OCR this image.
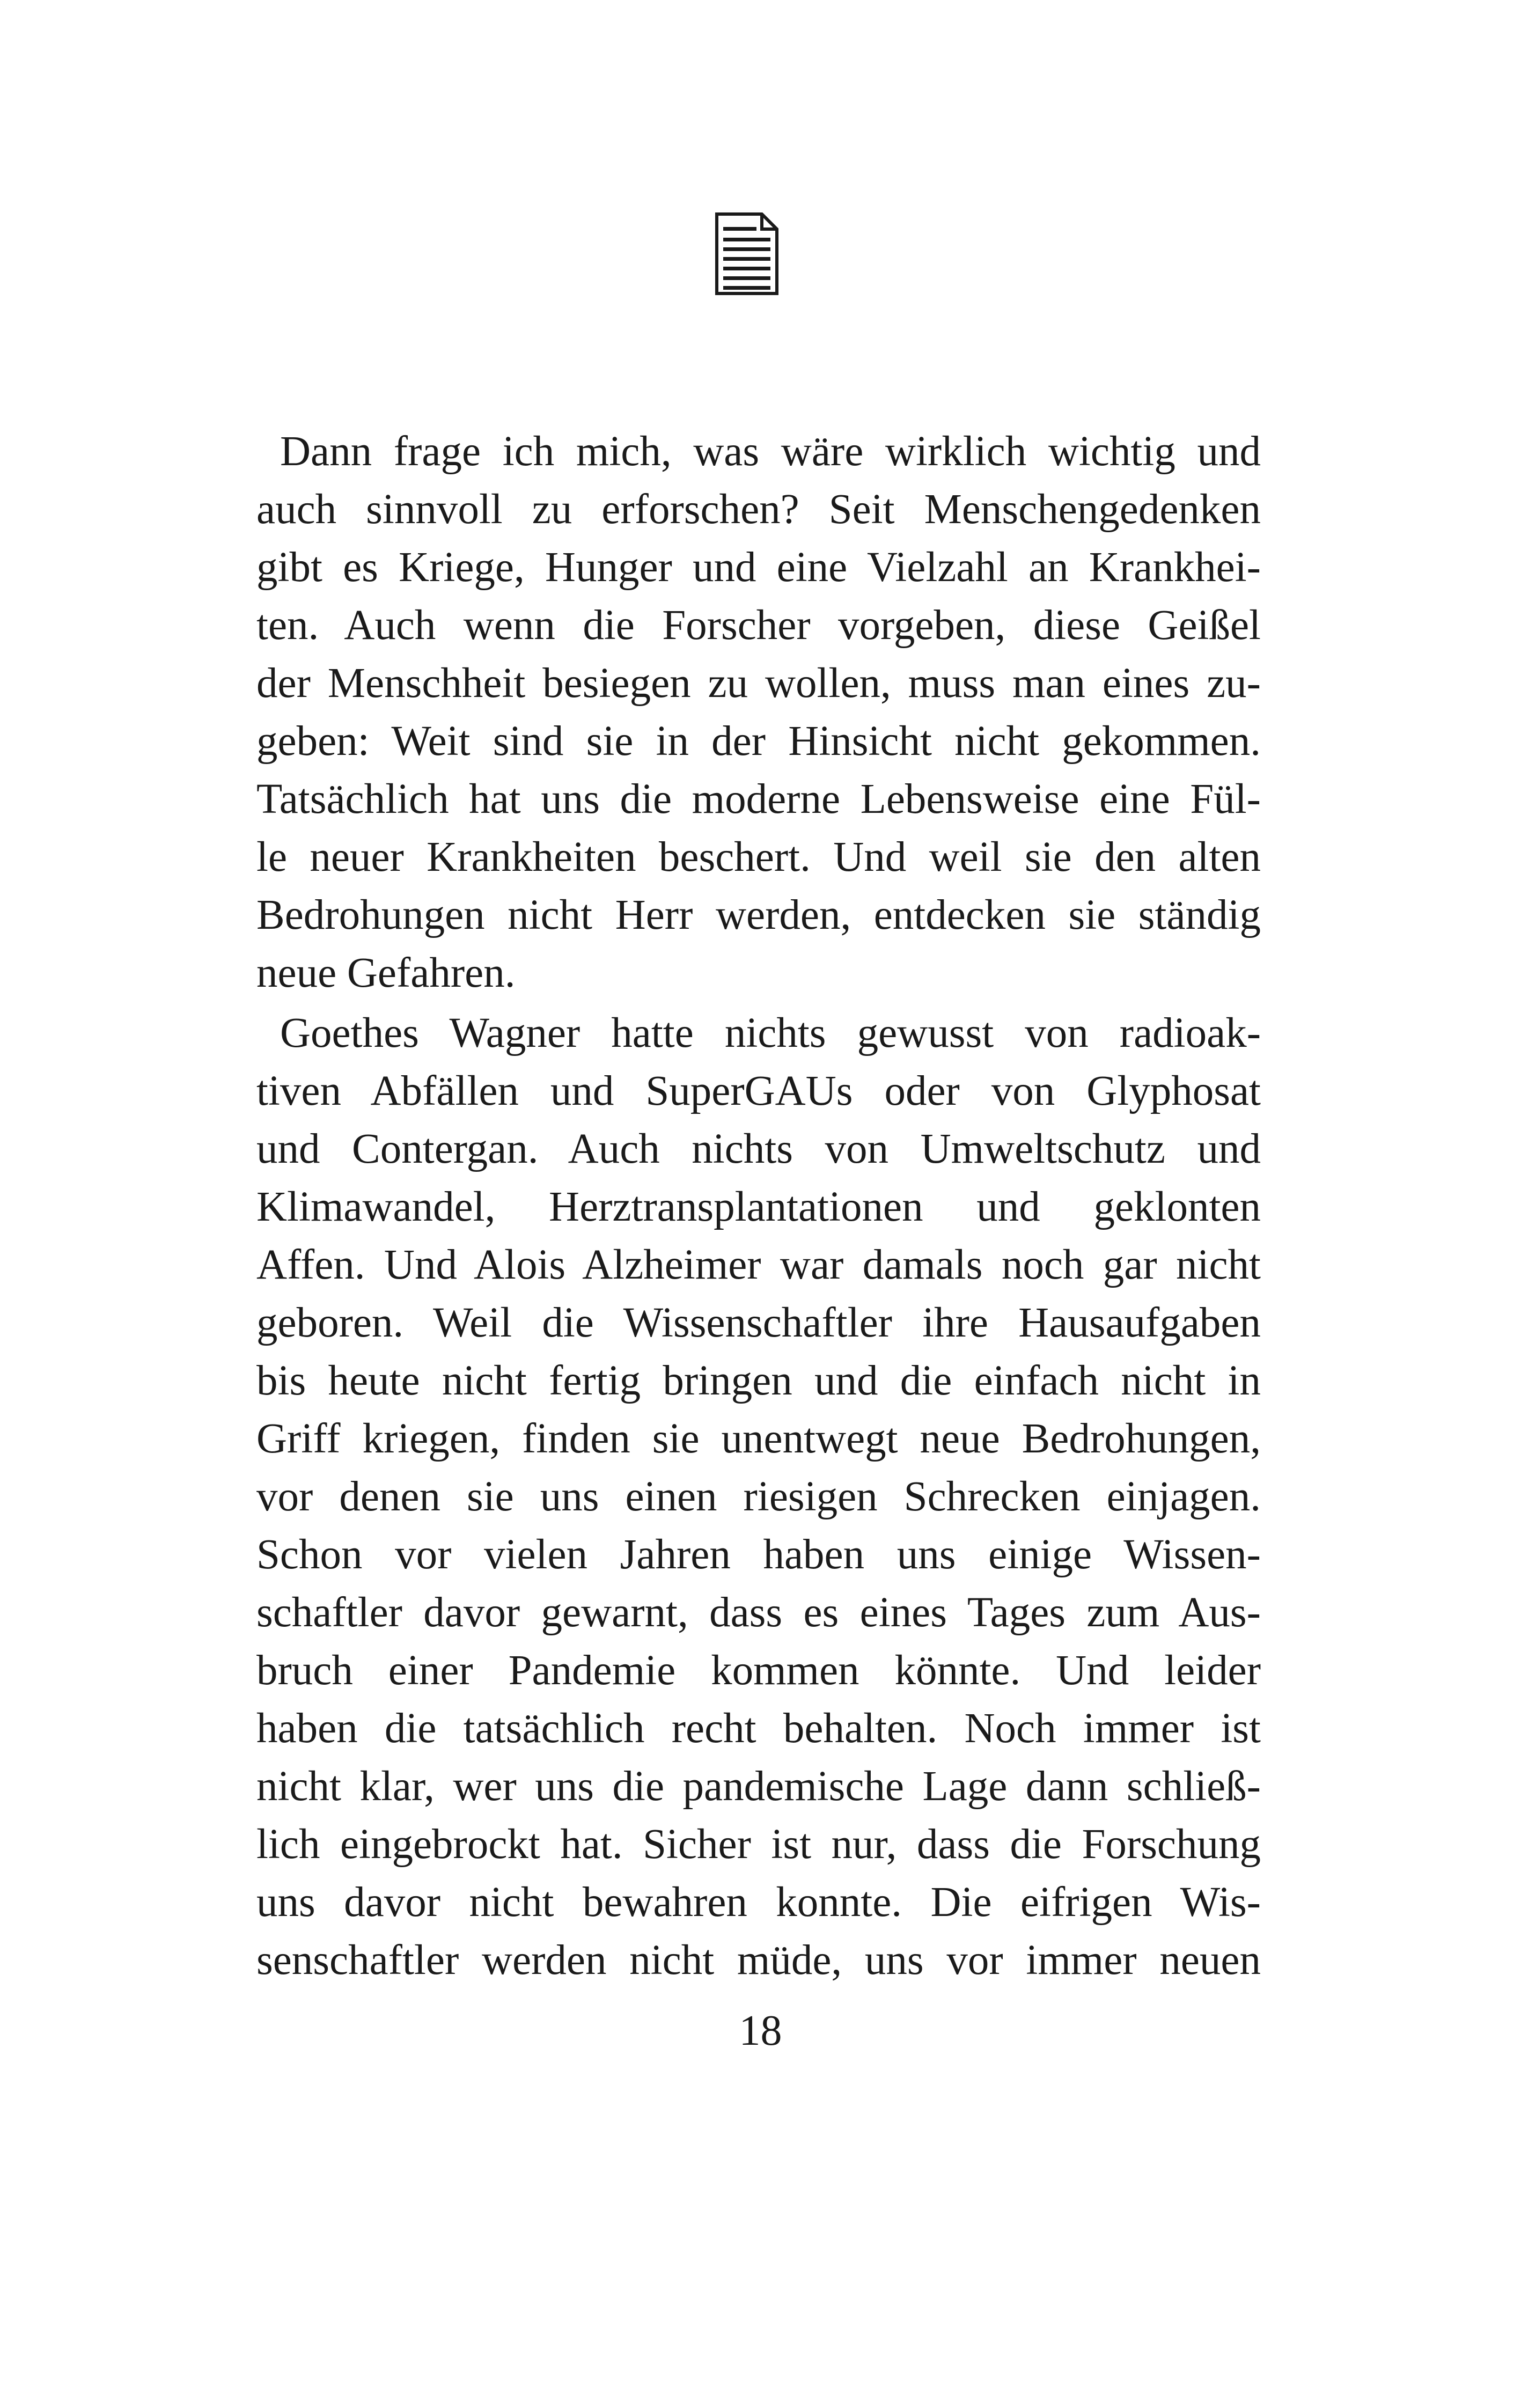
Dann frage ich mich, was wäre wirklich wichtig und
auch sinnvoll zu erforschen? Seit Menschengedenken
gibt es Kriege, Hunger und eine Vielzahl an Krankhei-
ten. Auch wenn die Forscher vorgeben, diese Geißel
der Menschheit besiegen zu wollen, muss man eines zu-
geben: Weit sind sie in der Hinsicht nicht gekommen.
Tatsächlich hat uns die moderne Lebensweise eine Fül-
le neuer Krankheiten beschert. Und weil sie den alten
Bedrohungen nicht Herr werden, entdecken sie ständig
neue Gefahren.
Goethes Wagner hatte nichts gewusst von radioak-
tiven Abfällen und SuperGAUs oder von Glyphosat
und Contergan. Auch nichts von Umweltschutz und
Klimawandel, Herztransplantationen und geklonten
Affen. Und Alois Alzheimer war damals noch gar nicht
geboren. Weil die Wissenschaftler ihre Hausaufgaben
bis heute nicht fertig bringen und die einfach nicht in
Griff kriegen, finden sie unentwegt neue Bedrohungen,
vor denen sie uns einen riesigen Schrecken einjagen.
Schon vor vielen Jahren haben uns einige Wissen-
schaftler davor gewarnt, dass es eines Tages zum Aus-
bruch einer Pandemie kommen könnte. Und leider
haben die tatsächlich recht behalten. Noch immer ist
nicht klar, wer uns die pandemische Lage dann schließ-
lich eingebrockt hat. Sicher ist nur, dass die Forschung
uns davor nicht bewahren konnte. Die eifrigen Wis-
senschaftler werden nicht müde, uns vor immer neuen
18
